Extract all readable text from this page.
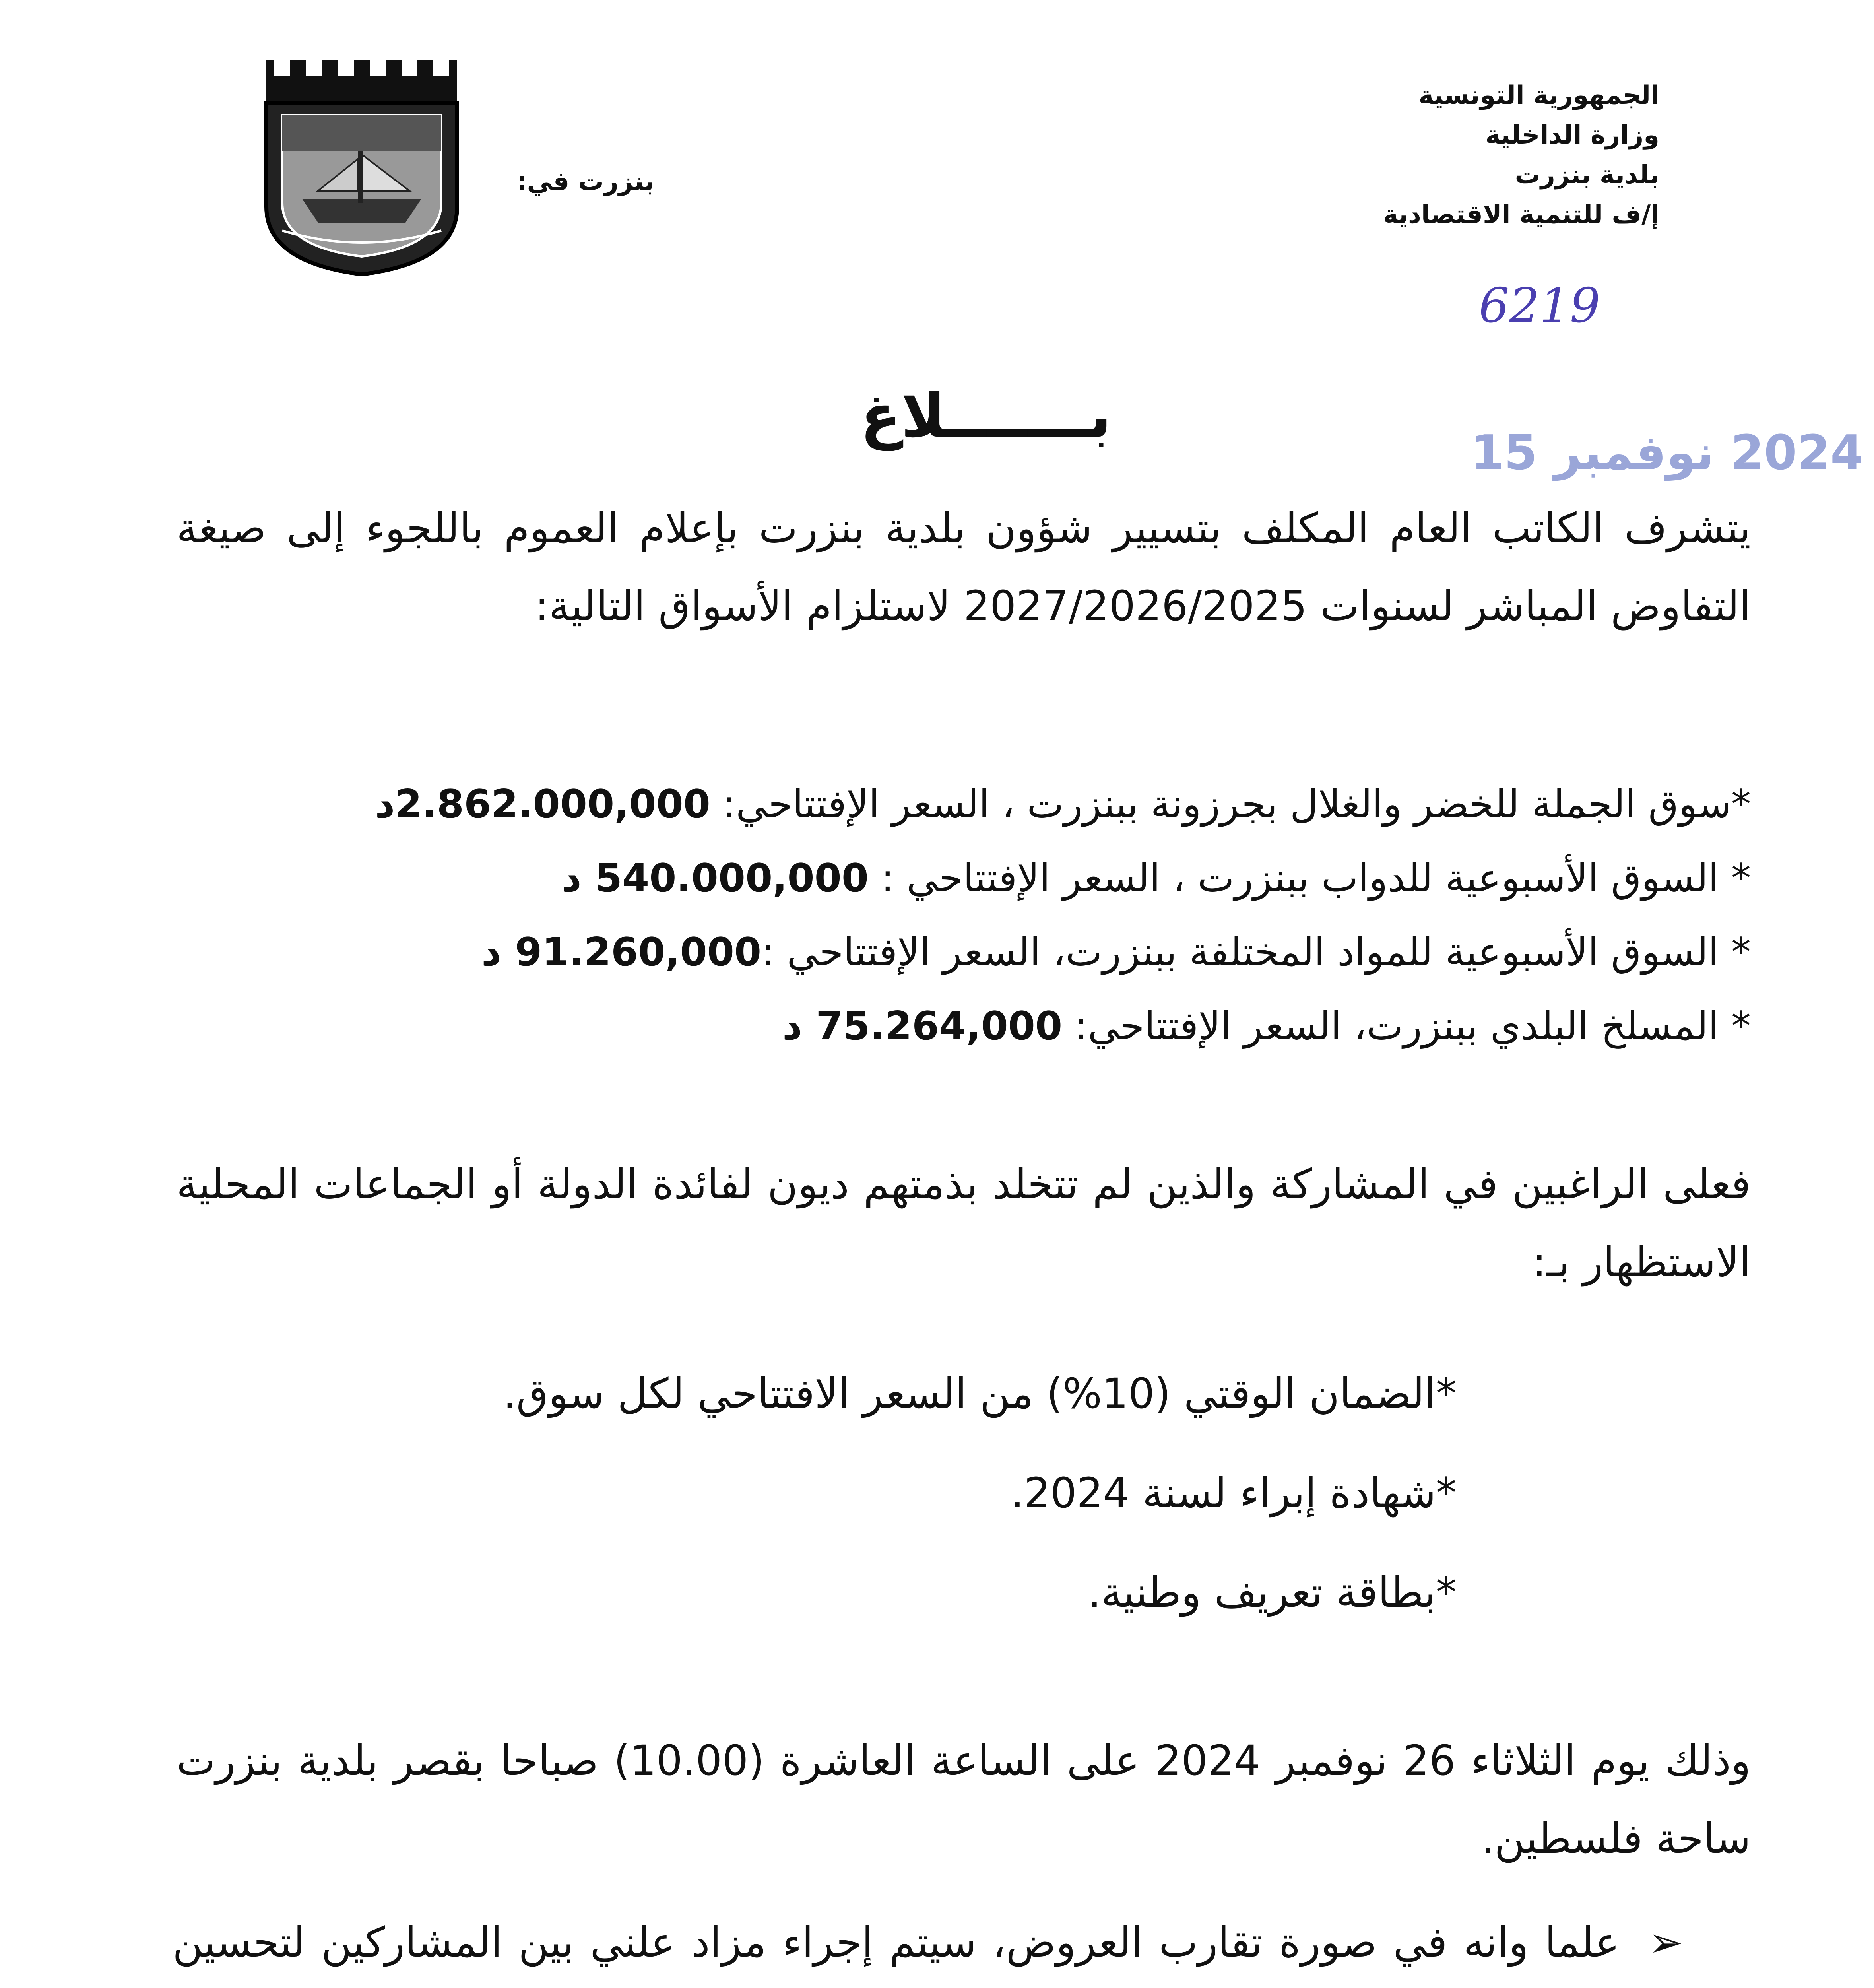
الجمهورية التونسية
وزارة الداخلية
بلدية بنزرت
إ/ف للتنمية الاقتصادية
بنزرت في:
6219
2024 نوفمبر 15
بـــــــلاغ
يتشرف الكاتب العام المكلف بتسيير شؤون بلدية بنزرت بإعلام العموم باللجوء إلى صيغة التفاوض المباشر لسنوات 2027/2026/2025 لاستلزام الأسواق التالية:
*سوق الجملة للخضر والغلال بجرزونة ببنزرت ، السعر الإفتتاحي: 2.862.000,000د
* السوق الأسبوعية للدواب ببنزرت ، السعر الإفتتاحي : 540.000,000 د
* السوق الأسبوعية للمواد المختلفة ببنزرت، السعر الإفتتاحي :91.260,000 د
* المسلخ البلدي ببنزرت، السعر الإفتتاحي: 75.264,000 د
فعلى الراغبين في المشاركة والذين لم تتخلد بذمتهم ديون لفائدة الدولة أو الجماعات المحلية الاستظهار بـ:
*الضمان الوقتي (10%) من السعر الافتتاحي لكل سوق.
*شهادة إبراء لسنة 2024.
*بطاقة تعريف وطنية.
وذلك يوم الثلاثاء 26 نوفمبر 2024 على الساعة العاشرة (10.00) صباحا بقصر بلدية بنزرت ساحة فلسطين.
➢
علما وانه في صورة تقارب العروض، سيتم إجراء مزاد علني بين المشاركين لتحسين
